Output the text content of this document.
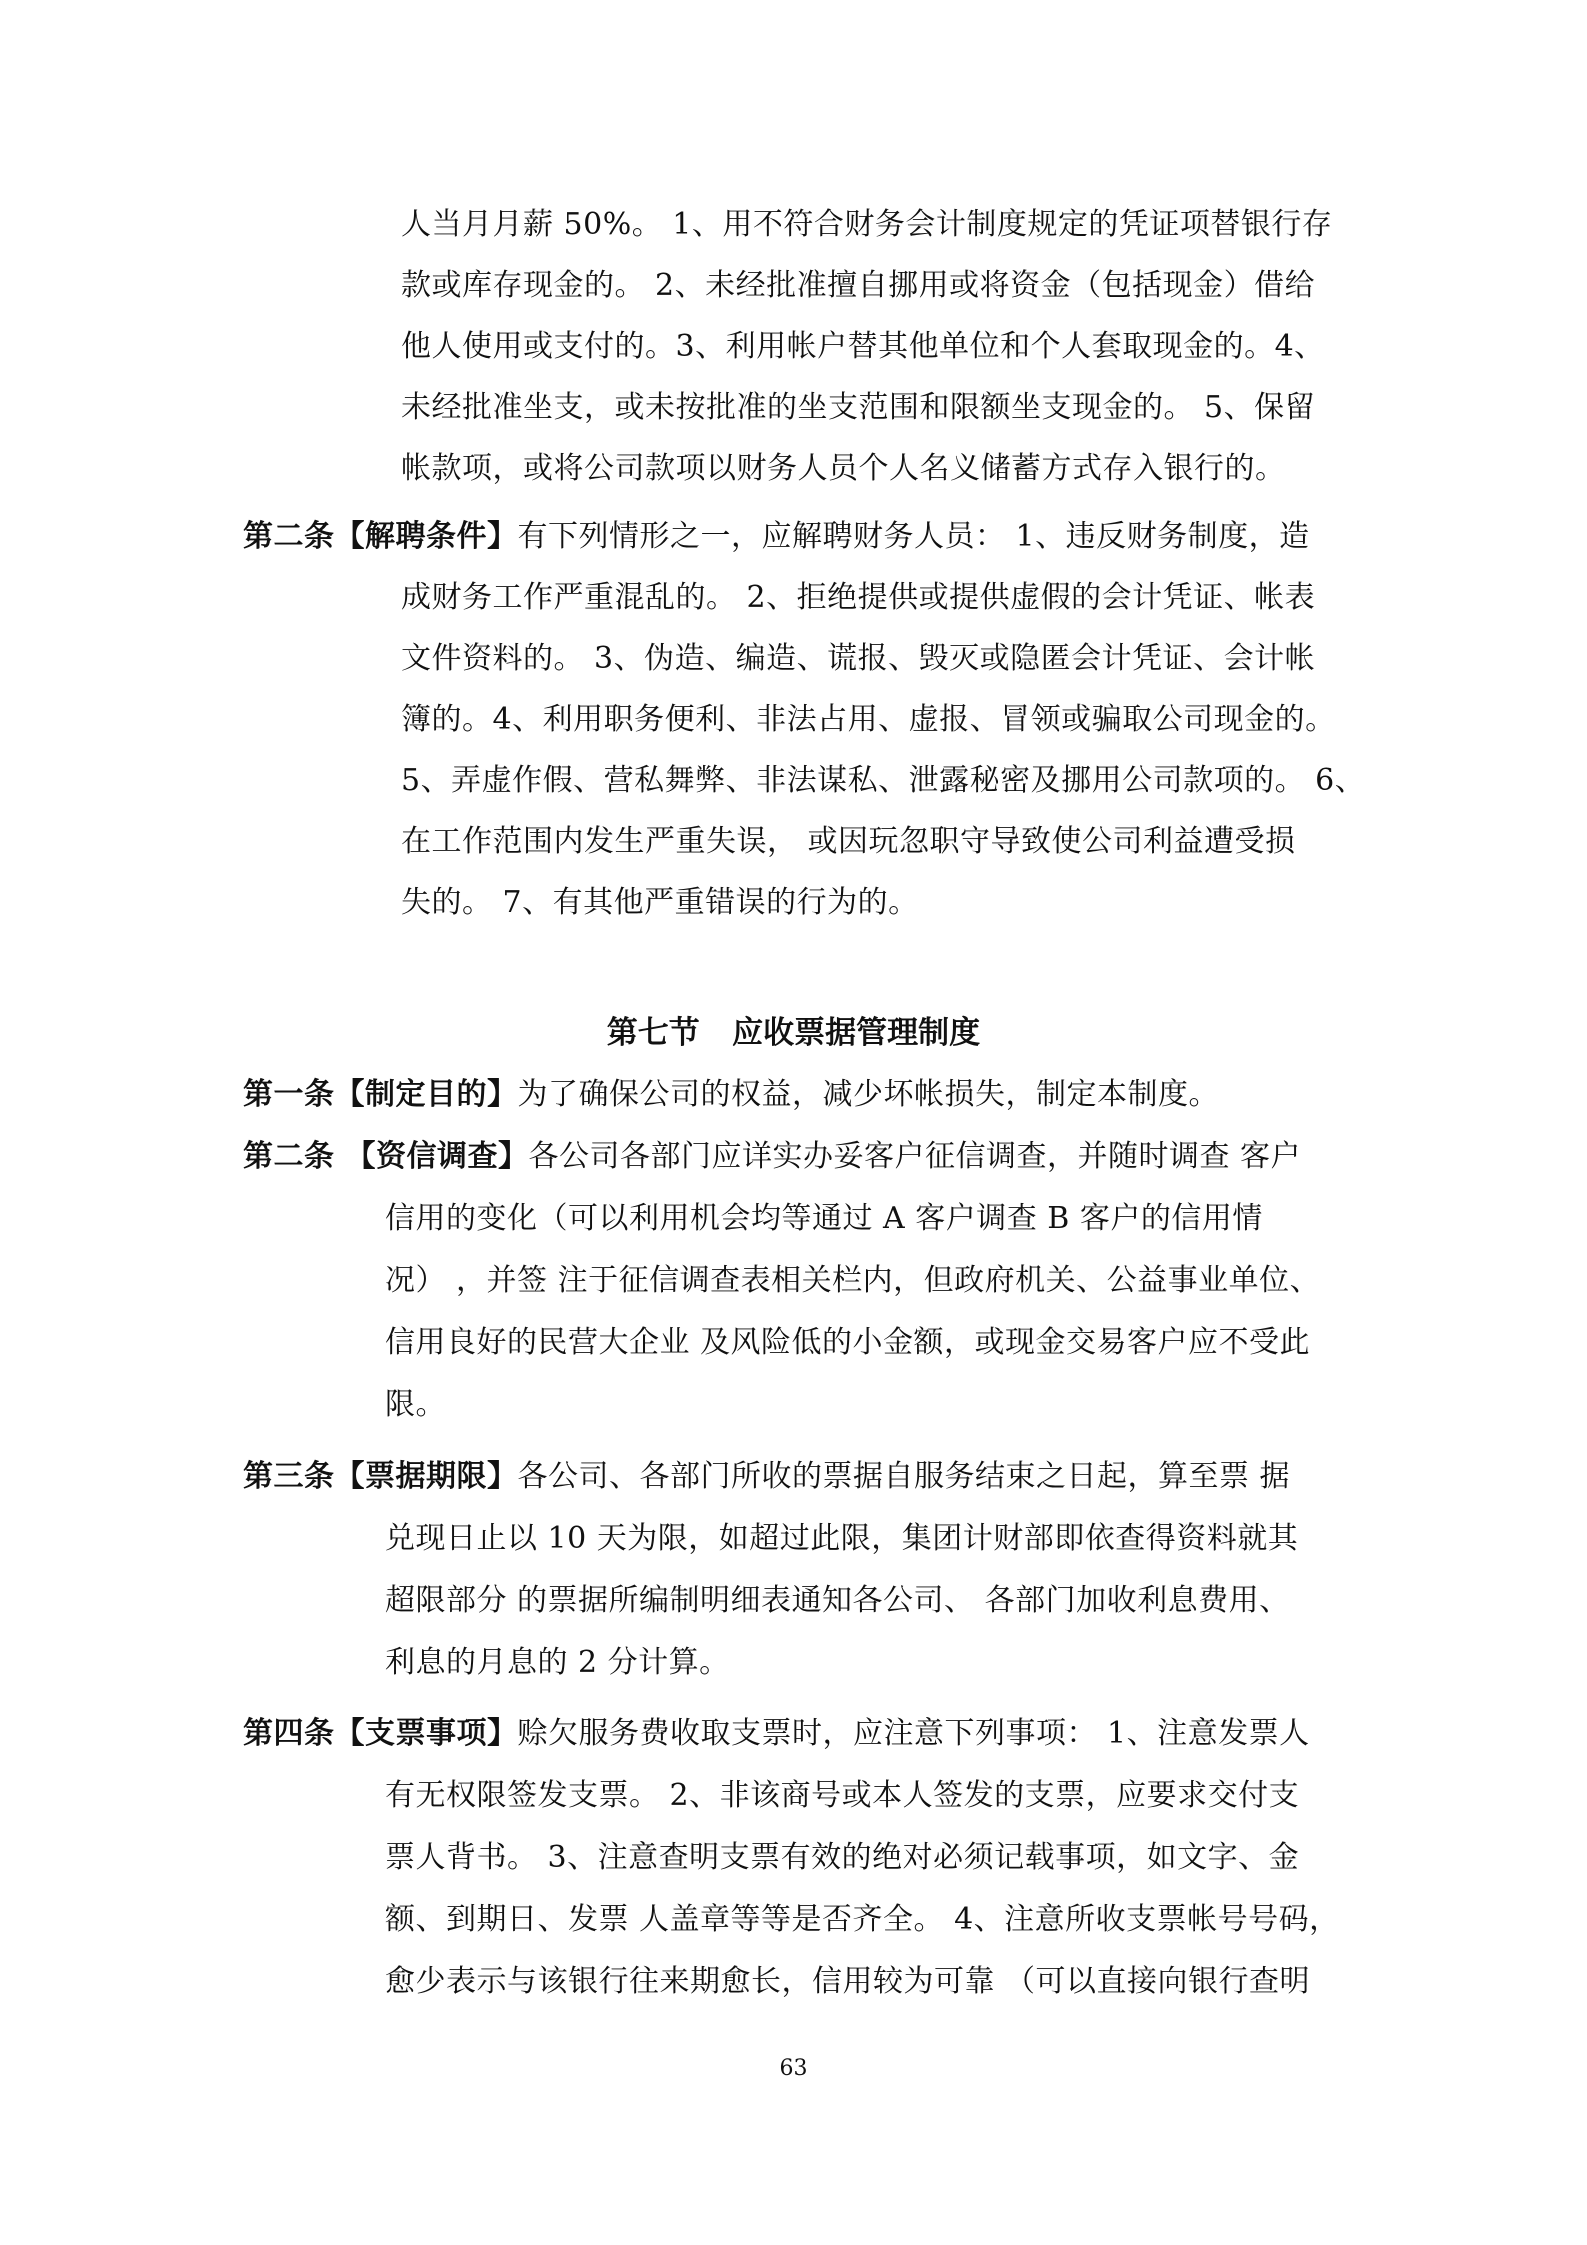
人当月月薪 50%。 1、用不符合财务会计制度规定的凭证项替银行存
款或库存现金的。 2、未经批准擅自挪用或将资金（包括现金）借给
他人使用或支付的。3、利用帐户替其他单位和个人套取现金的。4、
未经批准坐支，或未按批准的坐支范围和限额坐支现金的。 5、保留
帐款项，或将公司款项以财务人员个人名义储蓄方式存入银行的。
第二条【解聘条件】有下列情形之一，应解聘财务人员： 1、违反财务制度，造
成财务工作严重混乱的。 2、拒绝提供或提供虚假的会计凭证、帐表
文件资料的。 3、伪造、编造、谎报、毁灭或隐匿会计凭证、会计帐
簿的。4、利用职务便利、非法占用、虚报、冒领或骗取公司现金的。
5、弄虚作假、营私舞弊、非法谋私、泄露秘密及挪用公司款项的。 6、
在工作范围内发生严重失误， 或因玩忽职守导致使公司利益遭受损
失的。 7、有其他严重错误的行为的。
第七节   应收票据管理制度
第一条【制定目的】为了确保公司的权益，减少坏帐损失，制定本制度。
第二条 【资信调查】各公司各部门应详实办妥客户征信调查，并随时调查 客户
信用的变化（可以利用机会均等通过 A 客户调查 B 客户的信用情
况） ，并签 注于征信调查表相关栏内，但政府机关、公益事业单位、
信用良好的民营大企业 及风险低的小金额，或现金交易客户应不受此
限。
第三条【票据期限】各公司、各部门所收的票据自服务结束之日起，算至票 据
兑现日止以 10 天为限，如超过此限，集团计财部即依查得资料就其
超限部分 的票据所编制明细表通知各公司、 各部门加收利息费用、
利息的月息的 2 分计算。
第四条【支票事项】赊欠服务费收取支票时，应注意下列事项： 1、注意发票人
有无权限签发支票。 2、非该商号或本人签发的支票，应要求交付支
票人背书。 3、注意查明支票有效的绝对必须记载事项，如文字、金
额、到期日、发票 人盖章等等是否齐全。 4、注意所收支票帐号号码，
愈少表示与该银行往来期愈长，信用较为可靠 （可以直接向银行查明
63
